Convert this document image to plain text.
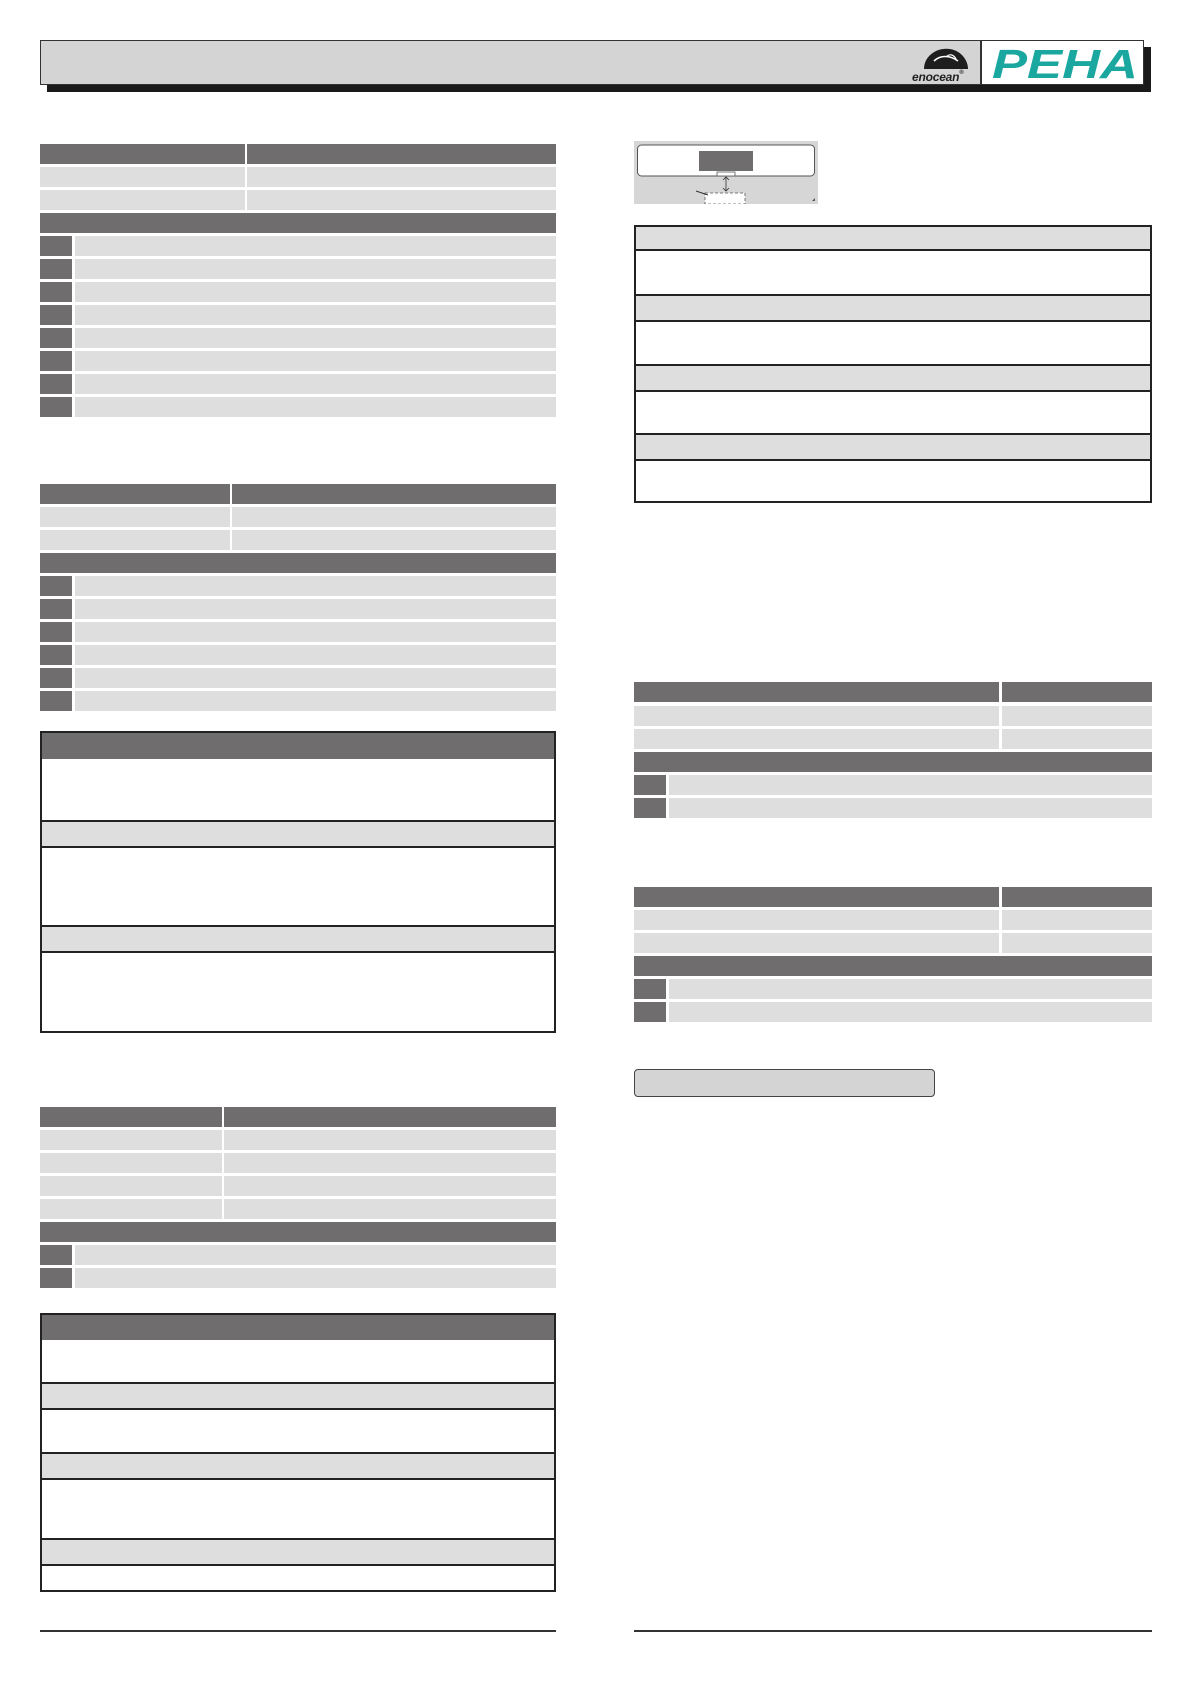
enocean® PEHA
